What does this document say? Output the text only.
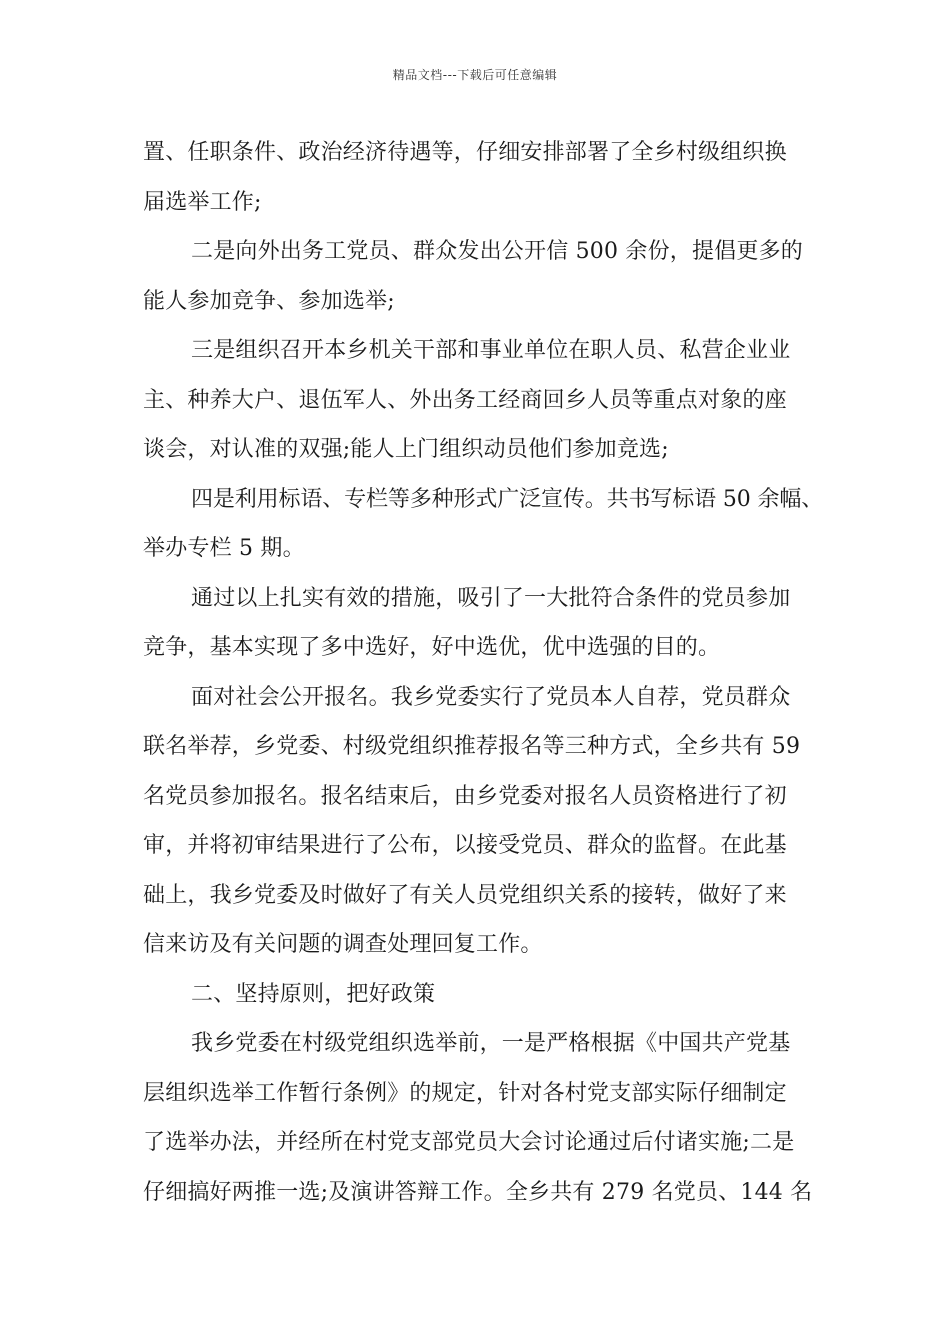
精品文档---下载后可任意编辑
置、任职条件、政治经济待遇等，仔细安排部署了全乡村级组织换
届选举工作;
二是向外出务工党员、群众发出公开信 500 余份，提倡更多的
能人参加竞争、参加选举;
三是组织召开本乡机关干部和事业单位在职人员、私营企业业
主、种养大户、退伍军人、外出务工经商回乡人员等重点对象的座
谈会，对认准的双强;能人上门组织动员他们参加竞选;
四是利用标语、专栏等多种形式广泛宣传。共书写标语 50 余幅、
举办专栏 5 期。
通过以上扎实有效的措施，吸引了一大批符合条件的党员参加
竞争，基本实现了多中选好，好中选优，优中选强的目的。
面对社会公开报名。我乡党委实行了党员本人自荐，党员群众
联名举荐，乡党委、村级党组织推荐报名等三种方式，全乡共有 59
名党员参加报名。报名结束后，由乡党委对报名人员资格进行了初
审，并将初审结果进行了公布，以接受党员、群众的监督。在此基
础上，我乡党委及时做好了有关人员党组织关系的接转，做好了来
信来访及有关问题的调查处理回复工作。
二、坚持原则，把好政策
我乡党委在村级党组织选举前，一是严格根据《中国共产党基
层组织选举工作暂行条例》的规定，针对各村党支部实际仔细制定
了选举办法，并经所在村党支部党员大会讨论通过后付诸实施;二是
仔细搞好两推一选;及演讲答辩工作。全乡共有 279 名党员、144 名
